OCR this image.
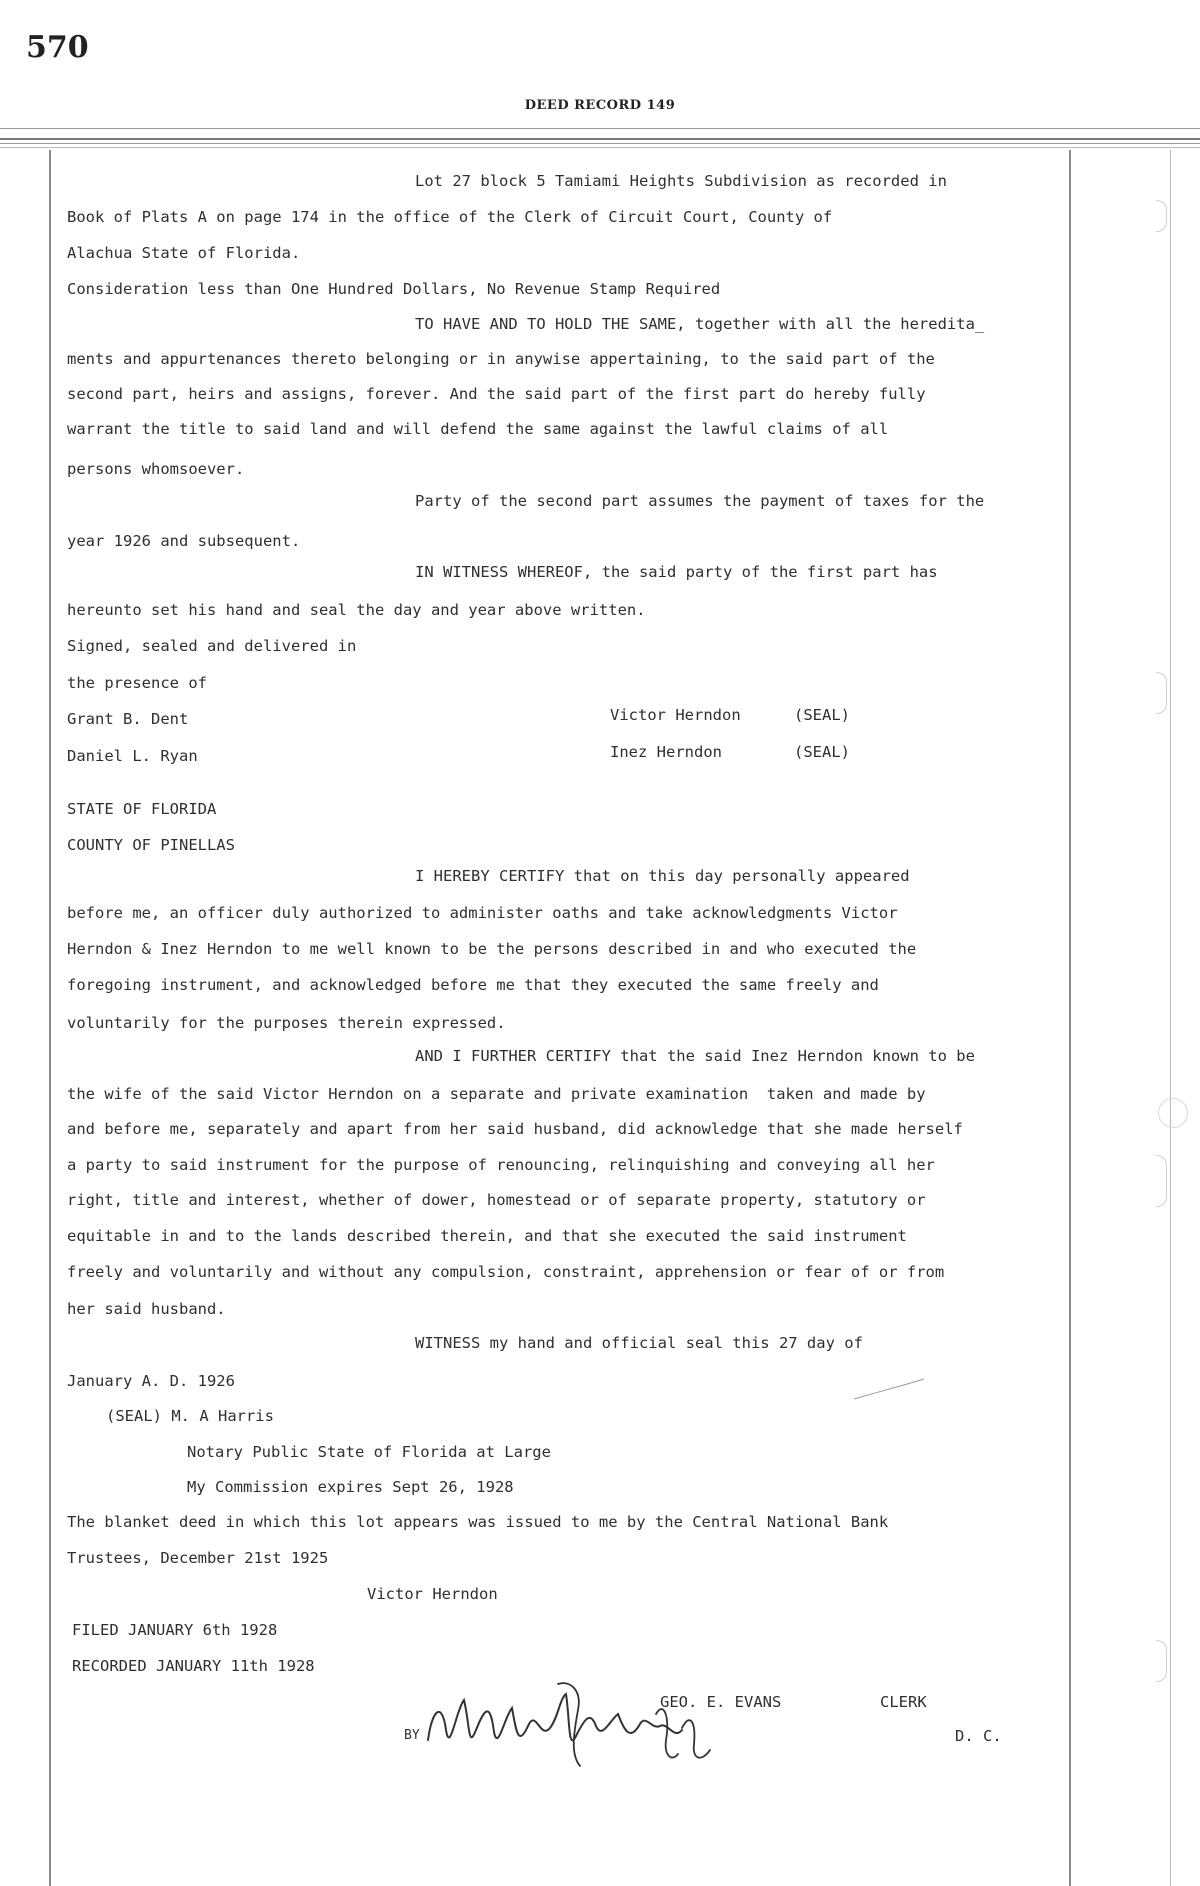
570
DEED RECORD 149
Lot 27 block 5 Tamiami Heights Subdivision as recorded in
Book of Plats A on page 174 in the office of the Clerk of Circuit Court, County of
Alachua State of Florida.
Consideration less than One Hundred Dollars, No Revenue Stamp Required
TO HAVE AND TO HOLD THE SAME, together with all the heredita_
ments and appurtenances thereto belonging or in anywise appertaining, to the said part of the
second part, heirs and assigns, forever. And the said part of the first part do hereby fully
warrant the title to said land and will defend the same against the lawful claims of all
persons whomsoever.
Party of the second part assumes the payment of taxes for the
year 1926 and subsequent.
IN WITNESS WHEREOF, the said party of the first part has
hereunto set his hand and seal the day and year above written.
Signed, sealed and delivered in
the presence of
Grant B. Dent
Daniel L. Ryan
Victor Herndon	(SEAL)
Inez Herndon	(SEAL)
STATE OF FLORIDA
COUNTY OF PINELLAS
I HEREBY CERTIFY that on this day personally appeared
before me, an officer duly authorized to administer oaths and take acknowledgments Victor
Herndon & Inez Herndon to me well known to be the persons described in and who executed the
foregoing instrument, and acknowledged before me that they executed the same freely and
voluntarily for the purposes therein expressed.
AND I FURTHER CERTIFY that the said Inez Herndon known to be
the wife of the said Victor Herndon on a separate and private examination  taken and made by
and before me, separately and apart from her said husband, did acknowledge that she made herself
a party to said instrument for the purpose of renouncing, relinquishing and conveying all her
right, title and interest, whether of dower, homestead or of separate property, statutory or
equitable in and to the lands described therein, and that she executed the said instrument
freely and voluntarily and without any compulsion, constraint, apprehension or fear of or from
her said husband.
WITNESS my hand and official seal this 27 day of
January A. D. 1926
(SEAL) M. A Harris
Notary Public State of Florida at Large
My Commission expires Sept 26, 1928
The blanket deed in which this lot appears was issued to me by the Central National Bank
Trustees, December 21st 1925
Victor Herndon
FILED JANUARY 6th 1928
RECORDED JANUARY 11th 1928
GEO. E. EVANS	CLERK
BY	D. C.
